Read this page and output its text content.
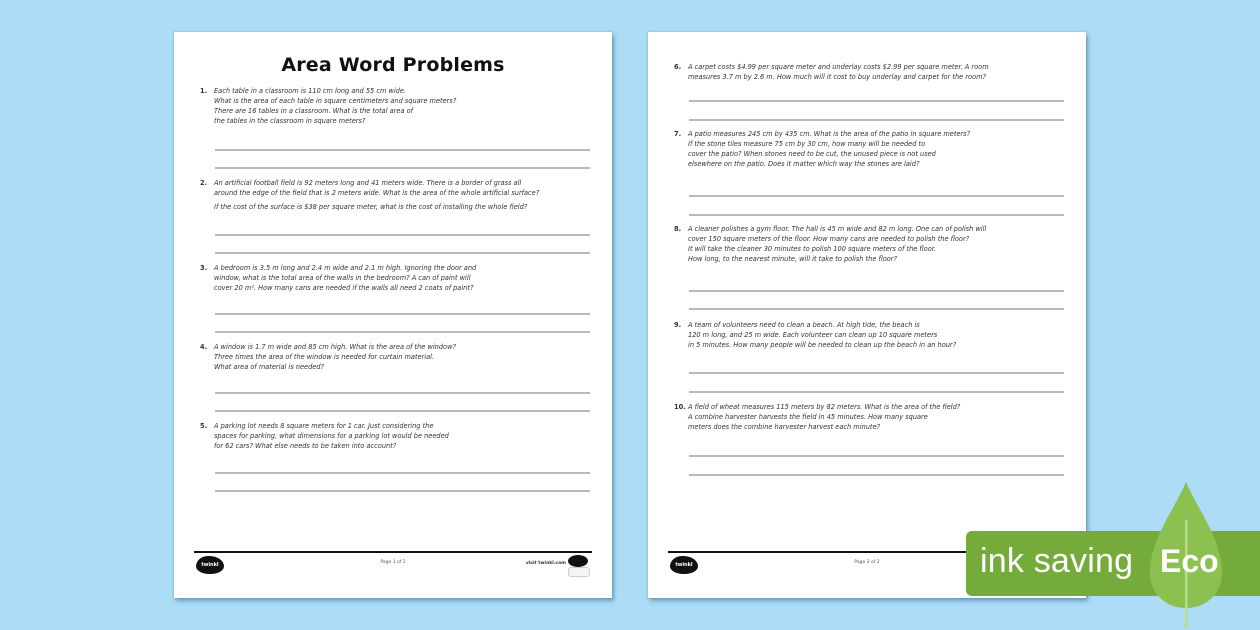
Area Word Problems
1. Each table in a classroom is 110 cm long and 55 cm wide.
What is the area of each table in square centimeters and square meters?
There are 16 tables in a classroom. What is the total area of
the tables in the classroom in square meters?
2. An artificial football field is 92 meters long and 41 meters wide. There is a border of grass all
around the edge of the field that is 2 meters wide. What is the area of the whole artificial surface?
If the cost of the surface is $38 per square meter, what is the cost of installing the whole field?
3. A bedroom is 3.5 m long and 2.4 m wide and 2.1 m high. Ignoring the door and
window, what is the total area of the walls in the bedroom? A can of paint will
cover 20 m². How many cans are needed if the walls all need 2 coats of paint?
4. A window is 1.7 m wide and 85 cm high. What is the area of the window?
Three times the area of the window is needed for curtain material.
What area of material is needed?
5. A parking lot needs 8 square meters for 1 car. Just considering the
spaces for parking, what dimensions for a parking lot would be needed
for 62 cars? What else needs to be taken into account?
twinkl	Page 1 of 2	visit twinkl.com
6. A carpet costs $4.99 per square meter and underlay costs $2.99 per square meter. A room
measures 3.7 m by 2.6 m. How much will it cost to buy underlay and carpet for the room?
7. A patio measures 245 cm by 435 cm. What is the area of the patio in square meters?
If the stone tiles measure 75 cm by 30 cm, how many will be needed to
cover the patio? When stones need to be cut, the unused piece is not used
elsewhere on the patio. Does it matter which way the stones are laid?
8. A cleaner polishes a gym floor. The hall is 45 m wide and 82 m long. One can of polish will
cover 150 square meters of the floor. How many cans are needed to polish the floor?
It will take the cleaner 30 minutes to polish 100 square meters of the floor.
How long, to the nearest minute, will it take to polish the floor?
9. A team of volunteers need to clean a beach. At high tide, the beach is
120 m long, and 25 m wide. Each volunteer can clean up 10 square meters
in 5 minutes. How many people will be needed to clean up the beach in an hour?
10. A field of wheat measures 115 meters by 82 meters. What is the area of the field?
A combine harvester harvests the field in 45 minutes. How many square
meters does the combine harvester harvest each minute?
twinkl	Page 2 of 2	ink saving Eco
